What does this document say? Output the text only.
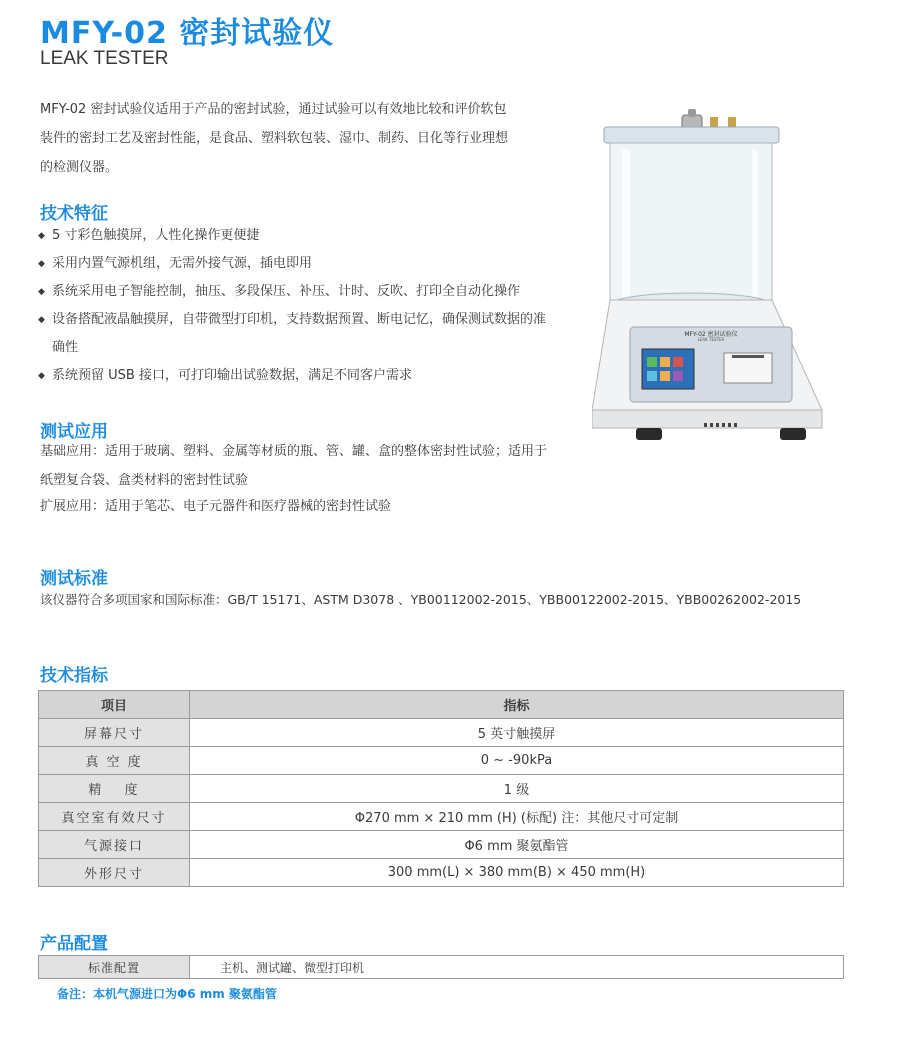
MFY-02 密封试验仪
LEAK TESTER

MFY-02 密封试验仪适用于产品的密封试验，通过试验可以有效地比较和评价软包装件的密封工艺及密封性能，是食品、塑料软包装、湿巾、制药、日化等行业理想的检测仪器。

MFY-02 密封试验仪
LEAK TESTER
技术特征
◆ 5 寸彩色触摸屏，人性化操作更便捷
◆ 采用内置气源机组，无需外接气源，插电即用
◆ 系统采用电子智能控制，抽压、多段保压、补压、计时、反吹、打印全自动化操作
◆ 设备搭配液晶触摸屏，自带微型打印机，支持数据预置、断电记忆，确保测试数据的准确性
◆ 系统预留 USB 接口，可打印输出试验数据，满足不同客户需求
测试应用

基础应用：适用于玻璃、塑料、金属等材质的瓶、管、罐、盒的整体密封性试验；适用于纸塑复合袋、盒类材料的密封性试验

扩展应用：适用于笔芯、电子元器件和医疗器械的密封性试验

测试标准

该仪器符合多项国家和国际标准：GB/T 15171、ASTM D3078 、YB00112002-2015、YBB00122002-2015、YBB00262002-2015

技术指标
项目	指标
屏幕尺寸	5 英寸触摸屏
真 空 度	0 ~ -90kPa
精　 度	1 级
真空室有效尺寸	Φ270 mm × 210 mm (H) (标配) 注：其他尺寸可定制
气源接口	Φ6 mm 聚氨酯管
外形尺寸	300 mm(L) × 380 mm(B) × 450 mm(H)
产品配置
标准配置	主机、测试罐、微型打印机
备注：本机气源进口为Φ6 mm 聚氨酯管
